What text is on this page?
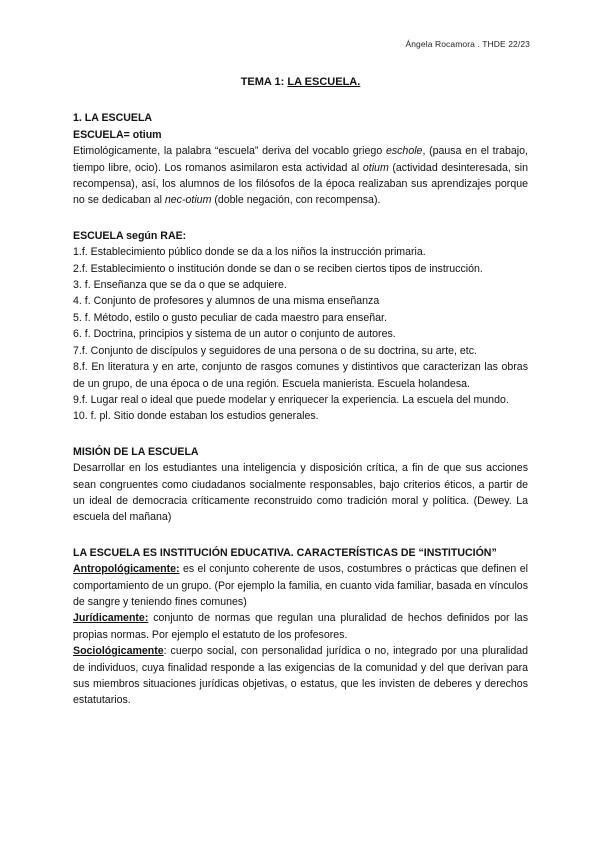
Ángela Rocamora . THDE 22/23
TEMA 1: LA ESCUELA.
1. LA ESCUELA
ESCUELA= otium

Etimológicamente, la palabra “escuela” deriva del vocablo griego eschole, (pausa en el trabajo, tiempo libre, ocio). Los romanos asimilaron esta actividad al otium (actividad desinteresada, sin recompensa), así, los alumnos de los filósofos de la época realizaban sus aprendizajes porque no se dedicaban al nec-otium (doble negación, con recompensa).

ESCUELA según RAE:
1.f. Establecimiento público donde se da a los niños la instrucción primaria.
2.f. Establecimiento o institución donde se dan o se reciben ciertos tipos de instrucción.
3. f. Enseñanza que se da o que se adquiere.
4. f. Conjunto de profesores y alumnos de una misma enseñanza
5. f. Método, estilo o gusto peculiar de cada maestro para enseñar.
6. f. Doctrina, principios y sistema de un autor o conjunto de autores.
7.f. Conjunto de discípulos y seguidores de una persona o de su doctrina, su arte, etc.
8.f. En literatura y en arte, conjunto de rasgos comunes y distintivos que caracterizan las obras de un grupo, de una época o de una región. Escuela manierista. Escuela holandesa.
9.f. Lugar real o ideal que puede modelar y enriquecer la experiencia. La escuela del mundo.
10. f. pl. Sitio donde estaban los estudios generales.
MISIÓN DE LA ESCUELA

Desarrollar en los estudiantes una inteligencia y disposición crítica, a fin de que sus acciones sean congruentes como ciudadanos socialmente responsables, bajo criterios éticos, a partir de un ideal de democracia críticamente reconstruido como tradición moral y política. (Dewey. La escuela del mañana)

LA ESCUELA ES INSTITUCIÓN EDUCATIVA. CARACTERÍSTICAS DE “INSTITUCIÓN”

Antropológicamente: es el conjunto coherente de usos, costumbres o prácticas que definen el comportamiento de un grupo. (Por ejemplo la familia, en cuanto vida familiar, basada en vínculos de sangre y teniendo fines comunes)

Jurídicamente: conjunto de normas que regulan una pluralidad de hechos definidos por las propias normas. Por ejemplo el estatuto de los profesores.

Sociológicamente: cuerpo social, con personalidad jurídica o no, integrado por una pluralidad de individuos, cuya finalidad responde a las exigencias de la comunidad y del que derivan para sus miembros situaciones jurídicas objetivas, o estatus, que les invisten de deberes y derechos estatutarios.
